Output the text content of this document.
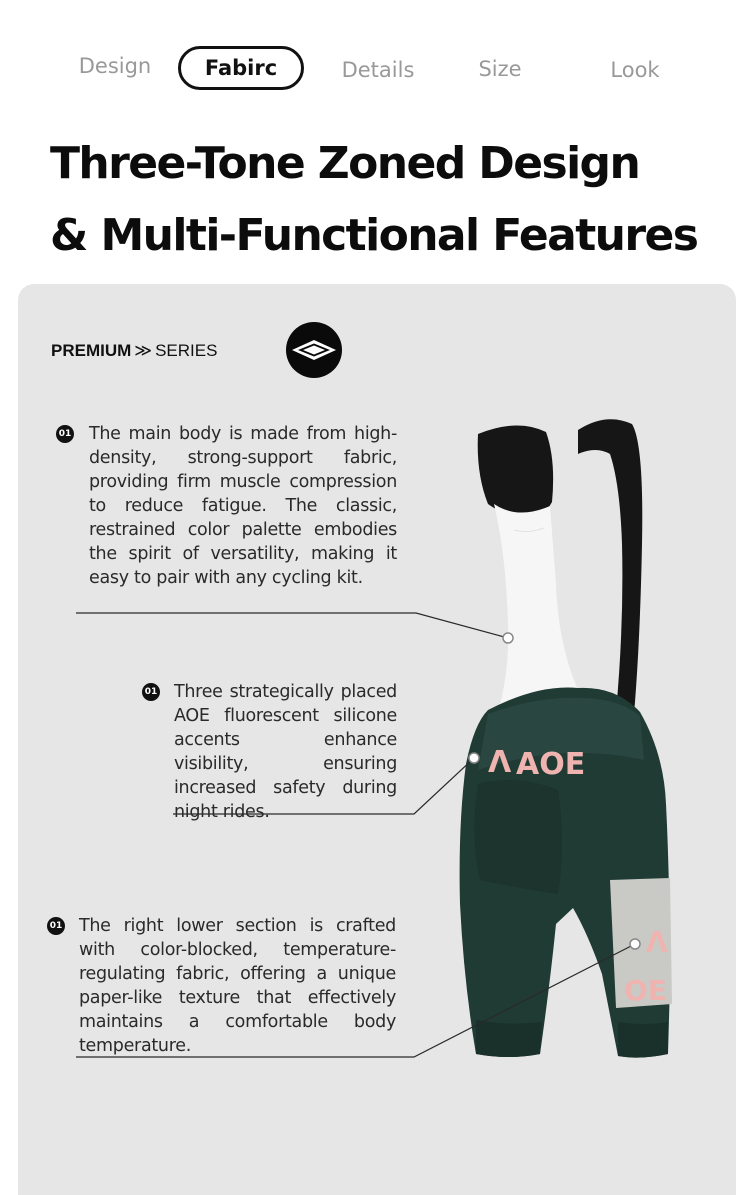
Design	Fabirc	Details	Size	Look
Three-Tone Zoned Design
& Multi-Functional Features
PREMIUM ≫ SERIES
Λ AOE
Λ
OE
01 The main body is made from high-density, strong-support fabric, providing firm muscle compression to reduce fatigue. The classic, restrained color palette embodies the spirit of versatility, making it easy to pair with any cycling kit.
01 Three strategically placed AOE fluorescent silicone accents enhance visibility, ensuring increased safety during night rides.
01 The right lower section is crafted with color-blocked, temperature-regulating fabric, offering a unique paper-like texture that effectively maintains a comfortable body temperature.
